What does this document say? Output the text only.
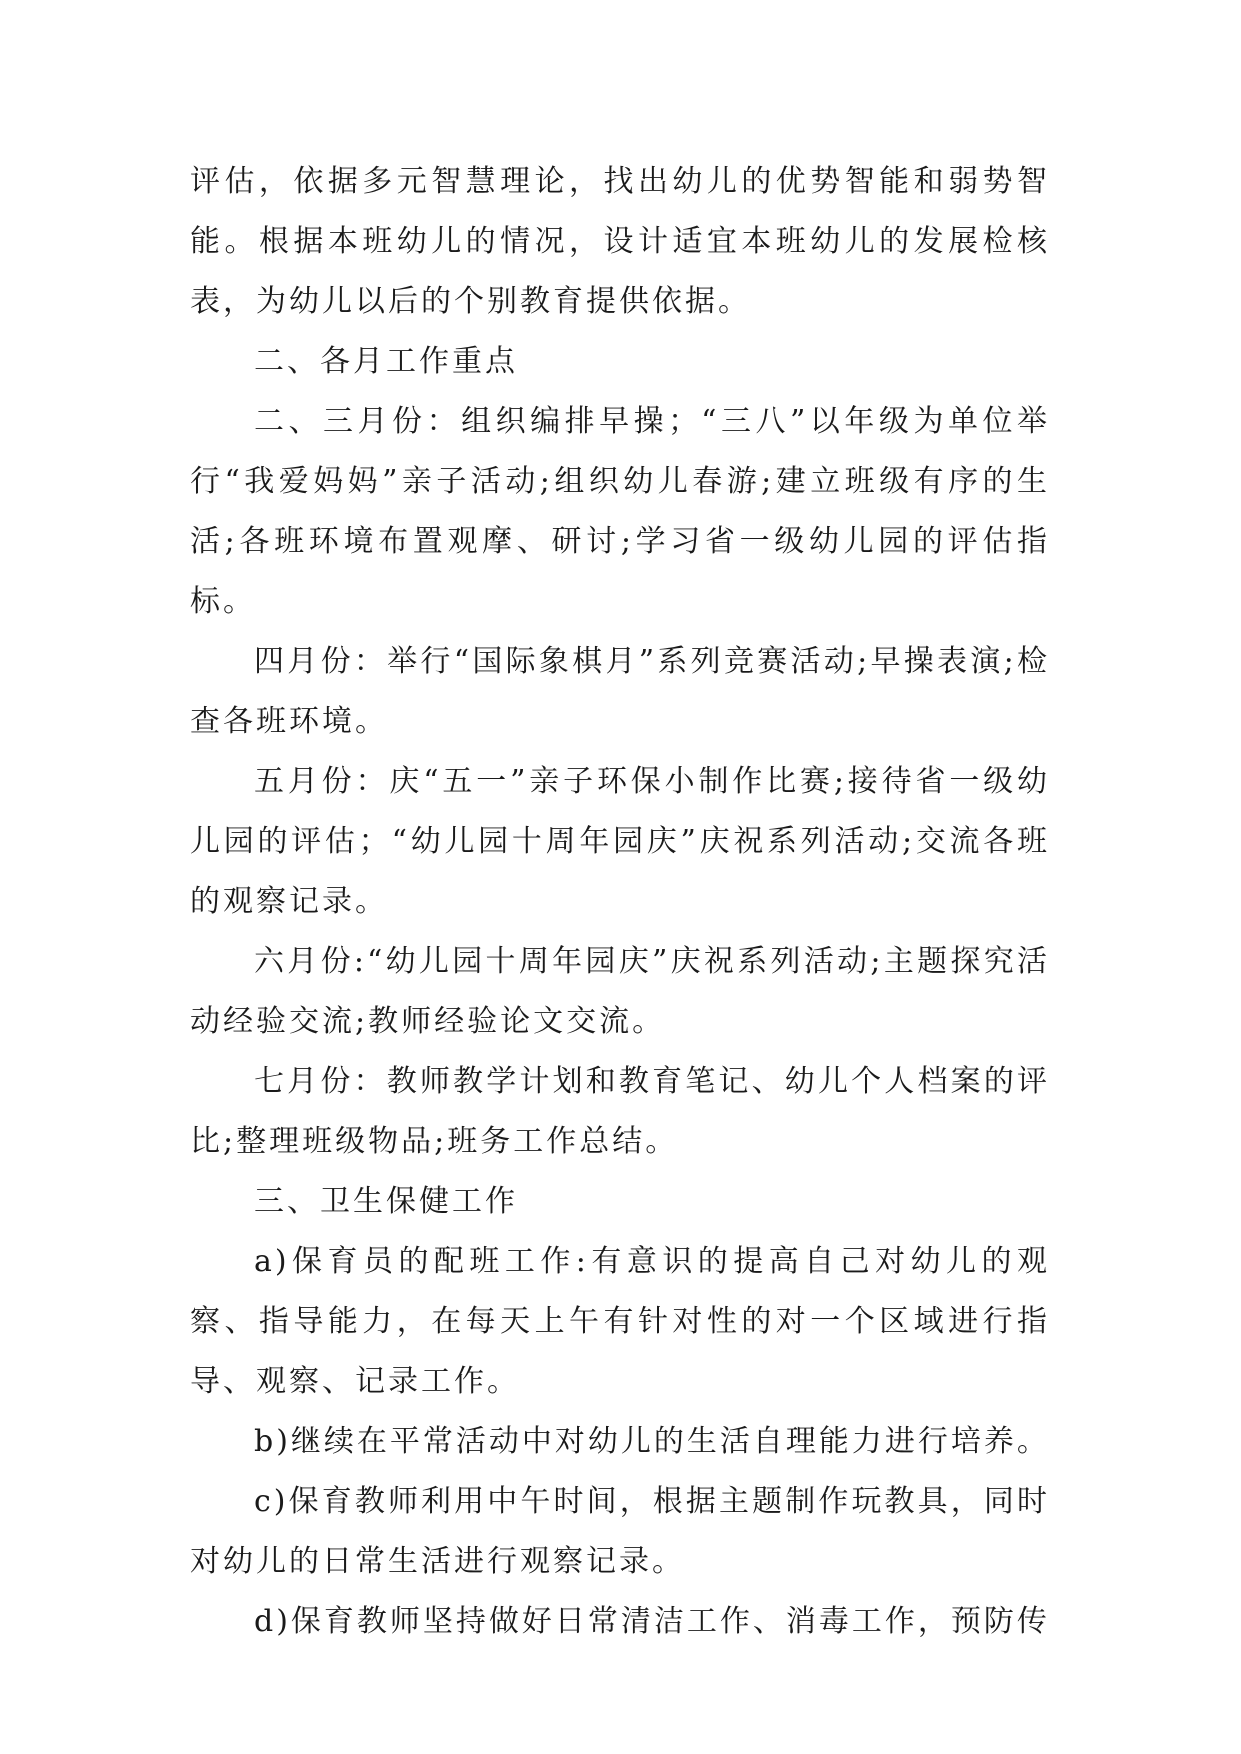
评估，依据多元智慧理论，找出幼儿的优势智能和弱势智能。根据本班幼儿的情况，设计适宜本班幼儿的发展检核表，为幼儿以后的个别教育提供依据。

二、各月工作重点

二、三月份：组织编排早操；“三八”以年级为单位举行“我爱妈妈”亲子活动;组织幼儿春游;建立班级有序的生活;各班环境布置观摩、研讨;学习省一级幼儿园的评估指标。

四月份：举行“国际象棋月”系列竞赛活动;早操表演;检查各班环境。

五月份：庆“五一”亲子环保小制作比赛;接待省一级幼儿园的评估；“幼儿园十周年园庆”庆祝系列活动;交流各班的观察记录。

六月份:“幼儿园十周年园庆”庆祝系列活动;主题探究活动经验交流;教师经验论文交流。

七月份：教师教学计划和教育笔记、幼儿个人档案的评比;整理班级物品;班务工作总结。

三、卫生保健工作

a)保育员的配班工作:有意识的提高自己对幼儿的观察、指导能力，在每天上午有针对性的对一个区域进行指导、观察、记录工作。

b)继续在平常活动中对幼儿的生活自理能力进行培养。

c)保育教师利用中午时间，根据主题制作玩教具，同时对幼儿的日常生活进行观察记录。

d)保育教师坚持做好日常清洁工作、消毒工作，预防传
